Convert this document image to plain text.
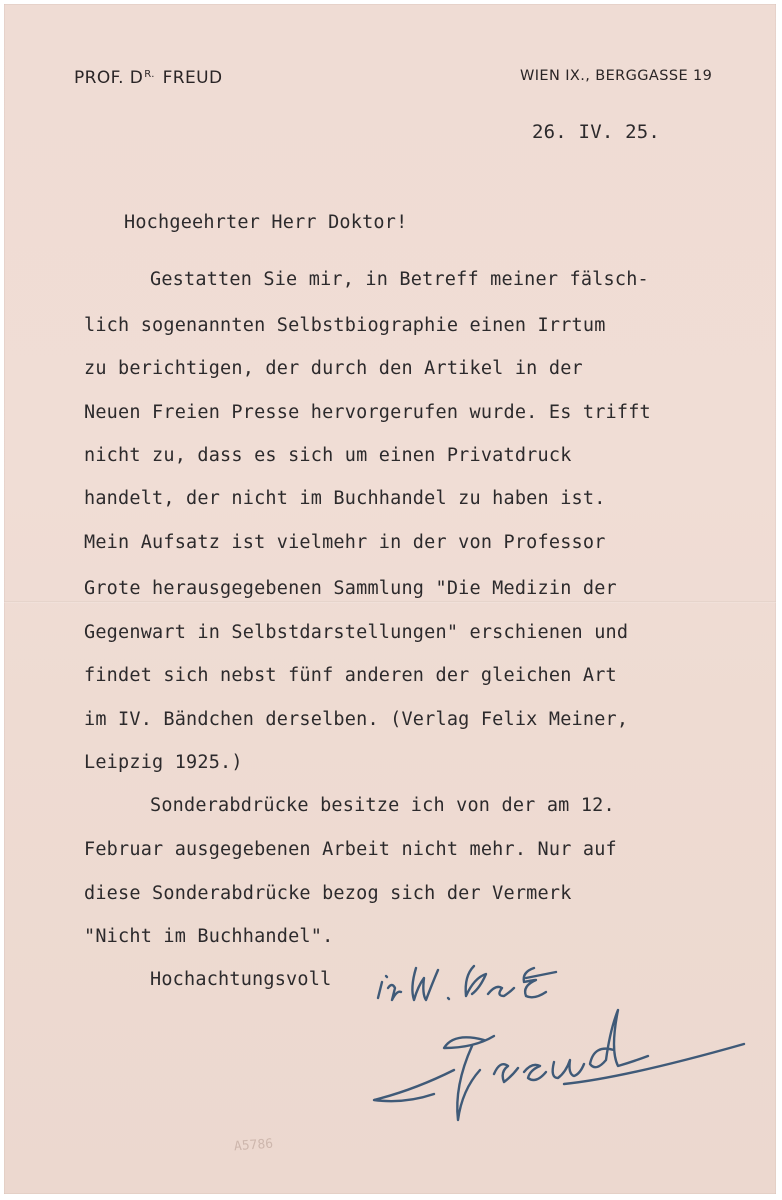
PROF. $D^{R.}$ FREUD	WIEN IX., BERGGASSE 19
26. IV. 25.
Hochgeehrter Herr Doktor!
Gestatten Sie mir, in Betreff meiner fälsch-
lich sogenannten Selbstbiographie einen Irrtum
zu berichtigen, der durch den Artikel in der
Neuen Freien Presse hervorgerufen wurde. Es trifft
nicht zu, dass es sich um einen Privatdruck
handelt, der nicht im Buchhandel zu haben ist.
Mein Aufsatz ist vielmehr in der von Professor
Grote herausgegebenen Sammlung "Die Medizin der
Gegenwart in Selbstdarstellungen" erschienen und
findet sich nebst fünf anderen der gleichen Art
im IV. Bändchen derselben. (Verlag Felix Meiner,
Leipzig 1925.)
Sonderabdrücke besitze ich von der am 12.
Februar ausgegebenen Arbeit nicht mehr. Nur auf
diese Sonderabdrücke bezog sich der Vermerk
"Nicht im Buchhandel".
Hochachtungsvoll
A5786
